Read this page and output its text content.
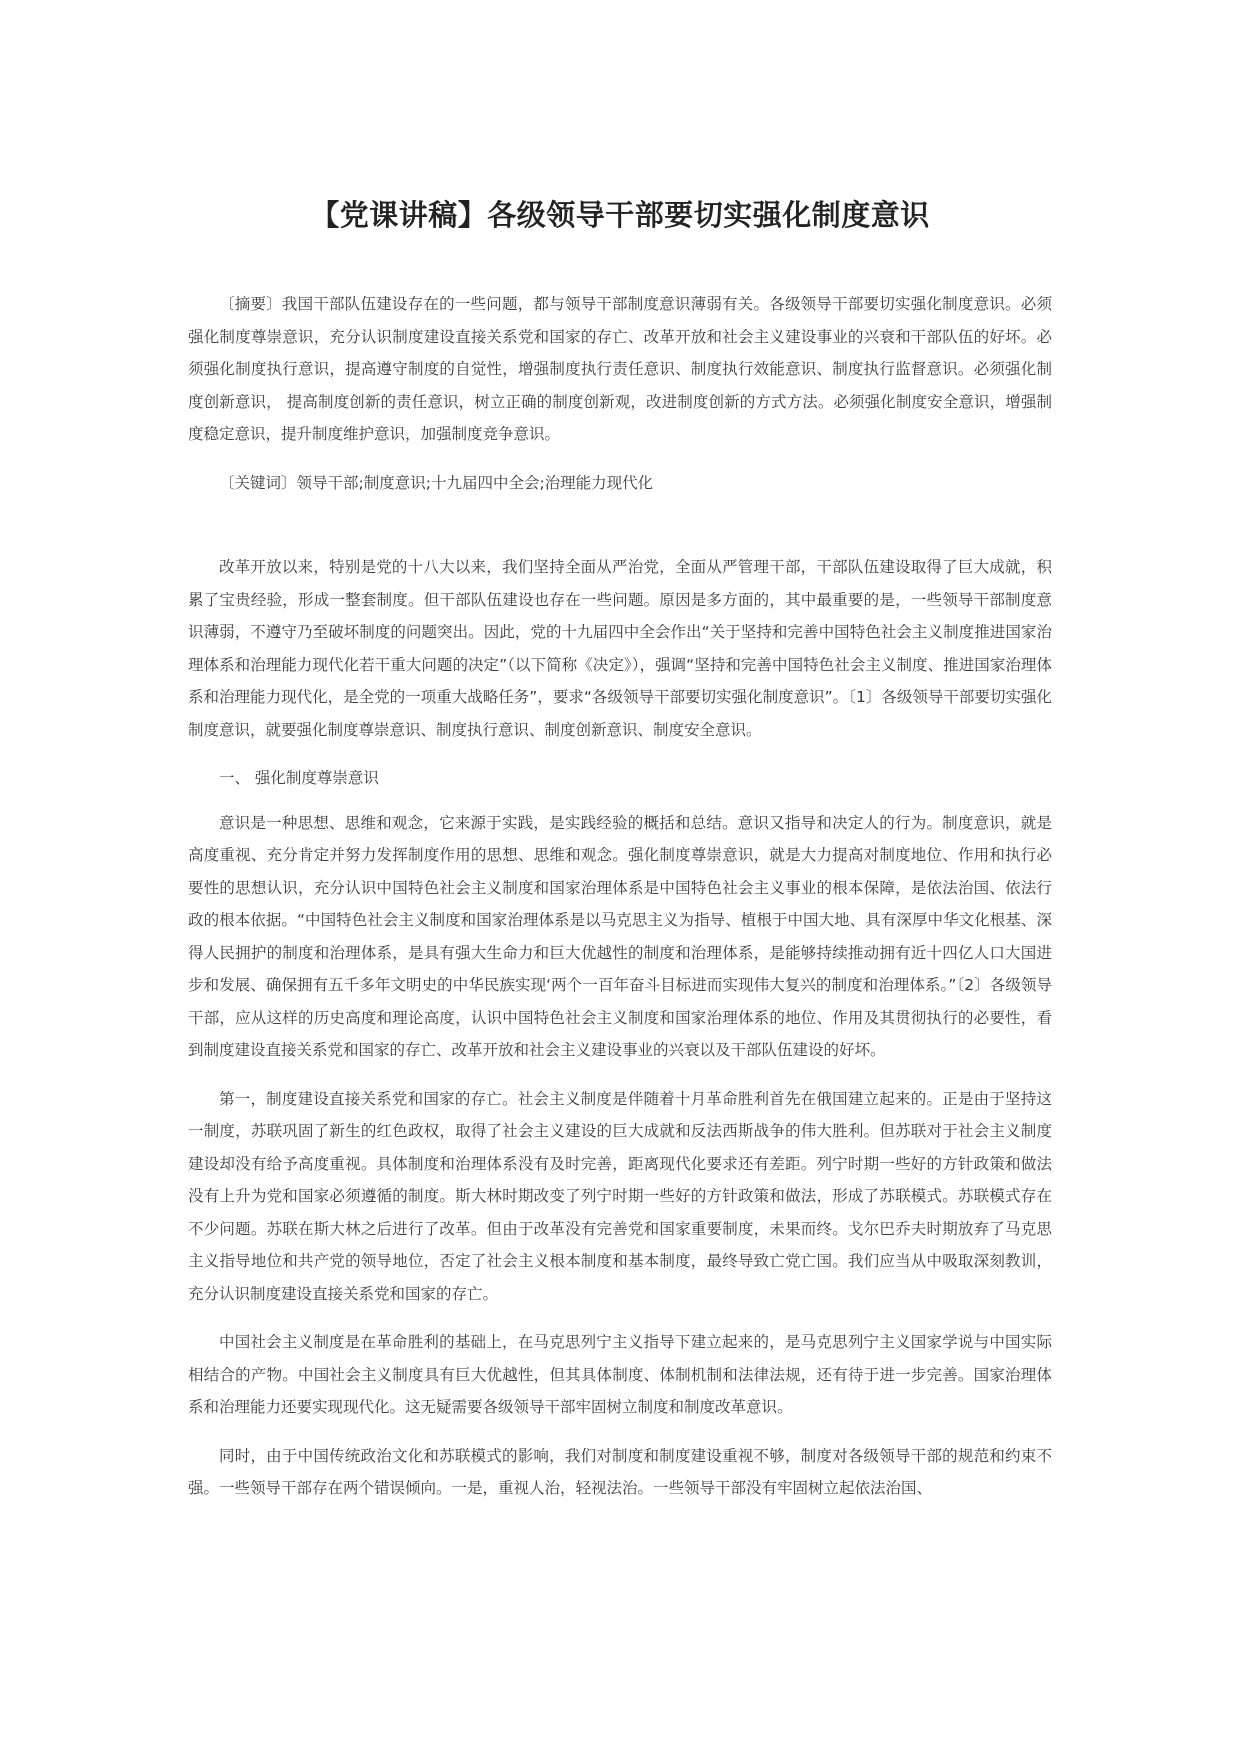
【党课讲稿】各级领导干部要切实强化制度意识

〔摘要〕我国干部队伍建设存在的一些问题，都与领导干部制度意识薄弱有关。各级领导干部要切实强化制度意识。必须强化制度尊崇意识，充分认识制度建设直接关系党和国家的存亡、改革开放和社会主义建设事业的兴衰和干部队伍的好坏。必须强化制度执行意识，提高遵守制度的自觉性，增强制度执行责任意识、制度执行效能意识、制度执行监督意识。必须强化制度创新意识， 提高制度创新的责任意识，树立正确的制度创新观，改进制度创新的方式方法。必须强化制度安全意识，增强制度稳定意识，提升制度维护意识，加强制度竞争意识。

〔关键词〕领导干部;制度意识;十九届四中全会;治理能力现代化

改革开放以来，特别是党的十八大以来，我们坚持全面从严治党，全面从严管理干部，干部队伍建设取得了巨大成就，积累了宝贵经验，形成一整套制度。但干部队伍建设也存在一些问题。原因是多方面的，其中最重要的是，一些领导干部制度意识薄弱，不遵守乃至破坏制度的问题突出。因此，党的十九届四中全会作出“关于坚持和完善中国特色社会主义制度推进国家治理体系和治理能力现代化若干重大问题的决定”（以下简称《决定》），强调“坚持和完善中国特色社会主义制度、推进国家治理体系和治理能力现代化，是全党的一项重大战略任务”，要求“各级领导干部要切实强化制度意识”。〔1〕各级领导干部要切实强化制度意识，就要强化制度尊崇意识、制度执行意识、制度创新意识、制度安全意识。

一、 强化制度尊崇意识

意识是一种思想、思维和观念，它来源于实践，是实践经验的概括和总结。意识又指导和决定人的行为。制度意识，就是高度重视、充分肯定并努力发挥制度作用的思想、思维和观念。强化制度尊崇意识，就是大力提高对制度地位、作用和执行必要性的思想认识，充分认识中国特色社会主义制度和国家治理体系是中国特色社会主义事业的根本保障，是依法治国、依法行政的根本依据。“中国特色社会主义制度和国家治理体系是以马克思主义为指导、植根于中国大地、具有深厚中华文化根基、深得人民拥护的制度和治理体系，是具有强大生命力和巨大优越性的制度和治理体系，是能够持续推动拥有近十四亿人口大国进步和发展、确保拥有五千多年文明史的中华民族实现‘两个一百年奋斗目标进而实现伟大复兴的制度和治理体系。”〔2〕各级领导干部，应从这样的历史高度和理论高度，认识中国特色社会主义制度和国家治理体系的地位、作用及其贯彻执行的必要性，看到制度建设直接关系党和国家的存亡、改革开放和社会主义建设事业的兴衰以及干部队伍建设的好坏。

第一，制度建设直接关系党和国家的存亡。社会主义制度是伴随着十月革命胜利首先在俄国建立起来的。正是由于坚持这一制度，苏联巩固了新生的红色政权，取得了社会主义建设的巨大成就和反法西斯战争的伟大胜利。但苏联对于社会主义制度建设却没有给予高度重视。具体制度和治理体系没有及时完善，距离现代化要求还有差距。列宁时期一些好的方针政策和做法没有上升为党和国家必须遵循的制度。斯大林时期改变了列宁时期一些好的方针政策和做法，形成了苏联模式。苏联模式存在不少问题。苏联在斯大林之后进行了改革。但由于改革没有完善党和国家重要制度，未果而终。戈尔巴乔夫时期放弃了马克思主义指导地位和共产党的领导地位，否定了社会主义根本制度和基本制度，最终导致亡党亡国。我们应当从中吸取深刻教训，充分认识制度建设直接关系党和国家的存亡。

中国社会主义制度是在革命胜利的基础上，在马克思列宁主义指导下建立起来的，是马克思列宁主义国家学说与中国实际相结合的产物。中国社会主义制度具有巨大优越性，但其具体制度、体制机制和法律法规，还有待于进一步完善。国家治理体系和治理能力还要实现现代化。这无疑需要各级领导干部牢固树立制度和制度改革意识。

同时，由于中国传统政治文化和苏联模式的影响，我们对制度和制度建设重视不够，制度对各级领导干部的规范和约束不强。一些领导干部存在两个错误倾向。一是，重视人治，轻视法治。一些领导干部没有牢固树立起依法治国、
